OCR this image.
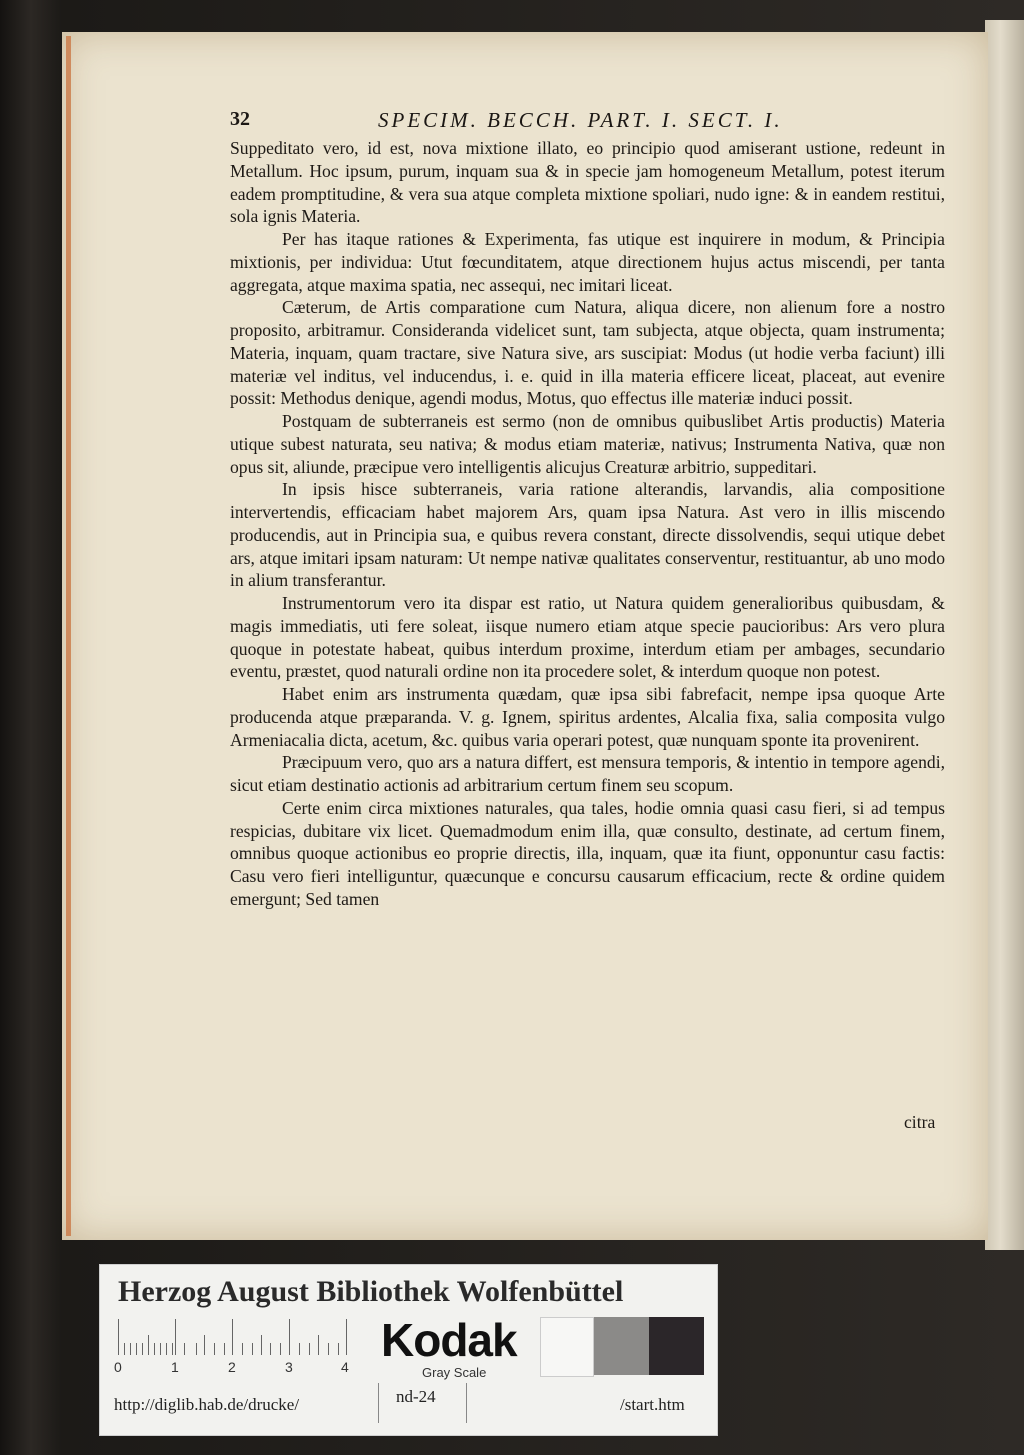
32	SPECIM. BECCH. PART. I. SECT. I.

Suppeditato vero, id est, nova mixtione illato, eo principio quod amiserant ustione, redeunt in Metallum. Hoc ipsum, purum, inquam sua & in specie jam homogeneum Metallum, potest iterum eadem promptitudine, & vera sua atque completa mixtione spoliari, nudo igne: & in eandem restitui, sola ignis Materia.

Per has itaque rationes & Experimenta, fas utique est inquirere in modum, & Principia mixtionis, per individua: Utut fœcunditatem, atque directionem hujus actus miscendi, per tanta aggregata, atque maxima spatia, nec assequi, nec imitari liceat.

Cæterum, de Artis comparatione cum Natura, aliqua dicere, non alienum fore a nostro proposito, arbitramur. Considerandа videlicet sunt, tam subjecta, atque objecta, quam instrumenta; Materia, inquam, quam tractare, sive Natura sive, ars suscipiat: Modus (ut hodie verba faciunt) illi materiæ vel inditus, vel inducendus, i. e. quid in illa materia efficere liceat, placeat, aut evenire possit: Methodus denique, agendi modus, Motus, quo effectus ille materiæ induci possit.

Postquam de subterraneis est sermo (non de omnibus quibuslibet Artis productis) Materia utique subest naturata, seu nativa; & modus etiam materiæ, nativus; Instrumenta Nativa, quæ non opus sit, aliunde, præcipue vero intelligentis alicujus Creaturæ arbitrio, suppeditari.

In ipsis hisce subterraneis, varia ratione alterandis, larvandis, alia compositione intervertendis, efficaciam habet majorem Ars, quam ipsa Natura. Ast vero in illis miscendo producendis, aut in Principia sua, e quibus revera constant, directe dissolvendis, sequi utique debet ars, atque imitari ipsam naturam: Ut nempe nativæ qualitates conserventur, restituantur, ab uno modo in alium transferantur.

Instrumentorum vero ita dispar est ratio, ut Natura quidem generalioribus quibusdam, & magis immediatis, uti fere soleat, iisque numero etiam atque specie paucioribus: Ars vero plura quoque in potestate habeat, quibus interdum proxime, interdum etiam per ambages, secundario eventu, præstet, quod naturali ordine non ita procedere solet, & interdum quoque non potest.

Habet enim ars instrumenta quædam, quæ ipsa sibi fabrefacit, nempe ipsa quoque Arte producenda atque præparanda. V. g. Ignem, spiritus ardentes, Alcalia fixa, salia composita vulgo Armeniacalia dicta, acetum, &c. quibus varia operari potest, quæ nunquam sponte ita provenirent.

Præcipuum vero, quo ars a natura differt, est mensura temporis, & intentio in tempore agendi, sicut etiam destinatio actionis ad arbitrarium certum finem seu scopum.

Certe enim circa mixtiones naturales, qua tales, hodie omnia quasi casu fieri, si ad tempus respicias, dubitare vix licet. Quemadmodum enim illa, quæ consulto, destinate, ad certum finem, omnibus quoque actionibus eo proprie directis, illa, inquam, quæ ita fiunt, opponuntur casu factis: Casu vero fieri intelliguntur, quæcunque e concursu causarum efficacium, recte & ordine quidem emergunt; Sed tamen

citra
Herzog August Bibliothek Wolfenbüttel
0	1	2	3	4
Kodak
Gray Scale
http://diglib.hab.de/drucke/	nd-24	/start.htm
